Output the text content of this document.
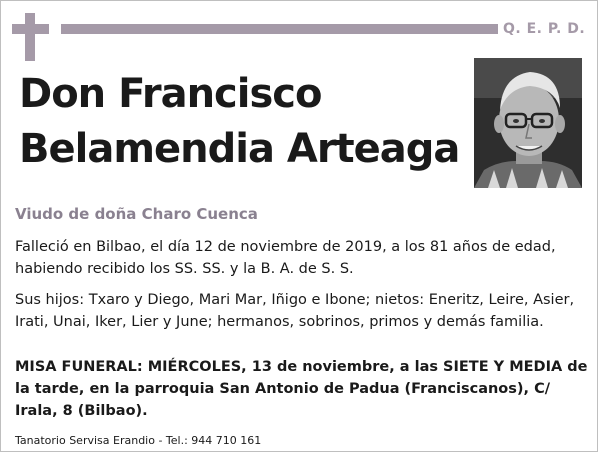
Q. E. P. D.
Don Francisco Belamendia Arteaga
Viudo de doña Charo Cuenca
Falleció en Bilbao, el día 12 de noviembre de 2019, a los 81 años de edad, habiendo recibido los SS. SS. y la B. A. de S. S.
Sus hijos: Txaro y Diego, Mari Mar, Iñigo e Ibone; nietos: Eneritz, Leire, Asier, Irati, Unai, Iker, Lier y June; hermanos, sobrinos, primos y demás familia.
MISA FUNERAL: MIÉRCOLES, 13 de noviembre, a las SIETE Y MEDIA de la tarde, en la parroquia San Antonio de Padua (Franciscanos), C/ Irala, 8 (Bilbao).
Tanatorio Servisa Erandio - Tel.: 944 710 161
